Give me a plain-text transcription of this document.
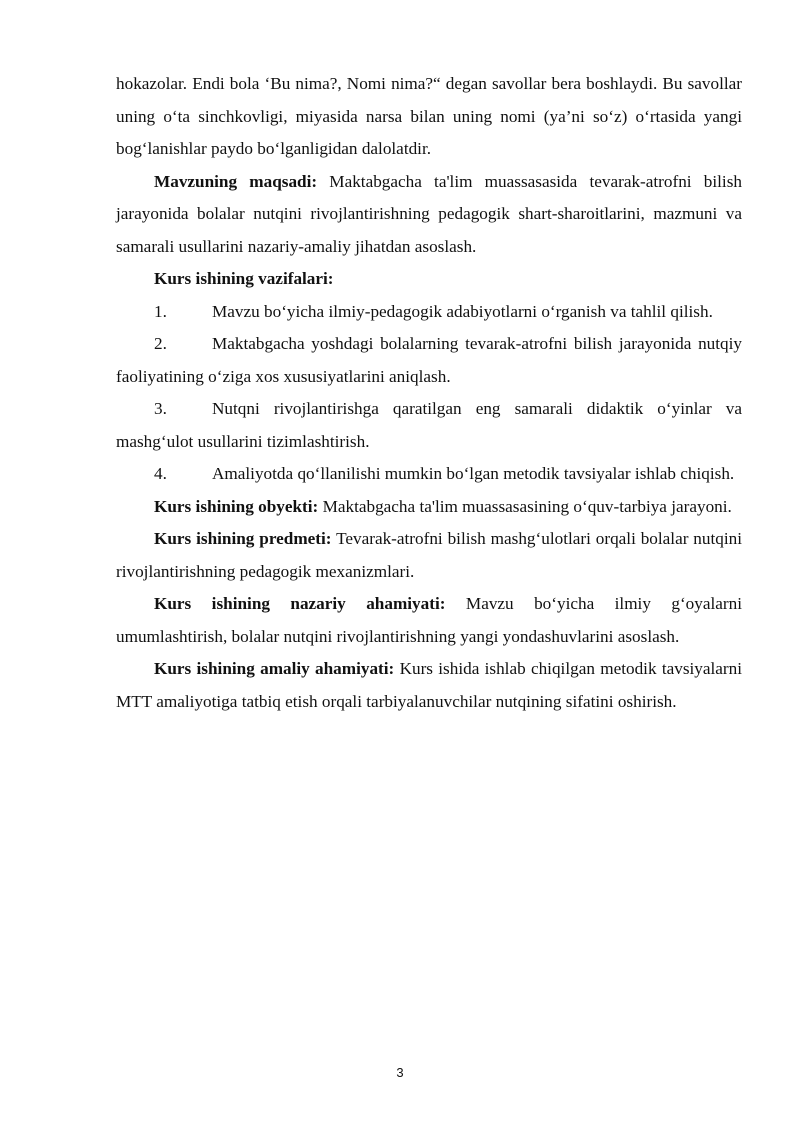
hokazolar. Endi bola ‘Bu nima?, Nomi nima?“ degan savollar bera boshlaydi. Bu savollar uning o‘ta sinchkovligi, miyasida narsa bilan uning nomi (ya’ni so‘z) o‘rtasida yangi bog‘lanishlar paydo bo‘lganligidan dalolatdir.

Mavzuning maqsadi: Maktabgacha ta'lim muassasasida tevarak-atrofni bilish jarayonida bolalar nutqini rivojlantirishning pedagogik shart-sharoitlarini, mazmuni va samarali usullarini nazariy-amaliy jihatdan asoslash.

Kurs ishining vazifalari:

1.	Mavzu bo‘yicha ilmiy-pedagogik adabiyotlarni o‘rganish va tahlil qilish.

2.	Maktabgacha yoshdagi bolalarning tevarak-atrofni bilish jarayonida nutqiy faoliyatining o‘ziga xos xususiyatlarini aniqlash.

3.	Nutqni rivojlantirishga qaratilgan eng samarali didaktik o‘yinlar va mashg‘ulot usullarini tizimlashtirish.

4.	Amaliyotda qo‘llanilishi mumkin bo‘lgan metodik tavsiyalar ishlab chiqish.

Kurs ishining obyekti: Maktabgacha ta'lim muassasasining o‘quv-tarbiya jarayoni.

Kurs ishining predmeti: Tevarak-atrofni bilish mashg‘ulotlari orqali bolalar nutqini rivojlantirishning pedagogik mexanizmlari.

Kurs ishining nazariy ahamiyati: Mavzu bo‘yicha ilmiy g‘oyalarni umumlashtirish, bolalar nutqini rivojlantirishning yangi yondashuvlarini asoslash.

Kurs ishining amaliy ahamiyati: Kurs ishida ishlab chiqilgan metodik tavsiyalarni MTT amaliyotiga tatbiq etish orqali tarbiyalanuvchilar nutqining sifatini oshirish.

3
